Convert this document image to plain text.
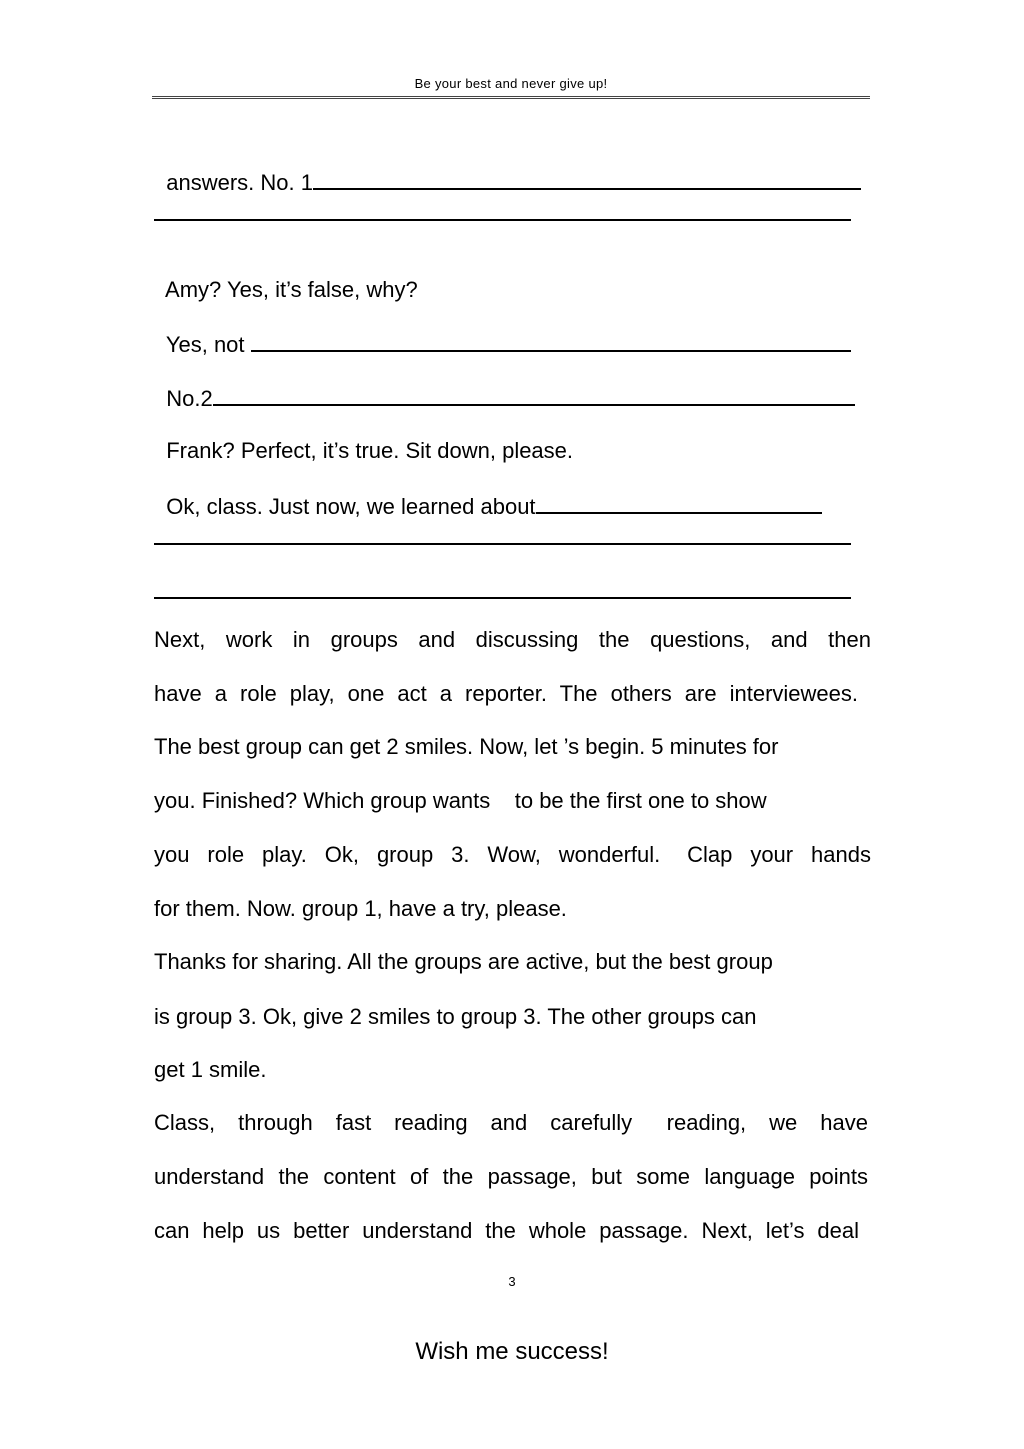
Be your best and never give up!

answers. No. 1

Amy? Yes, it’s false, why?

Yes, not

No.2

Frank? Perfect, it’s true. Sit down, please.

Ok, class. Just now, we learned about

Next,  work  in  groups  and  discussing  the  questions,  and  then
have a role play, one act a reporter. The others are interviewees.
The best group can get 2 smiles. Now, let ’s begin. 5 minutes for
you. Finished? Which group wants    to be the first one to show
you  role  play.  Ok,  group  3.  Wow,  wonderful.   Clap  your  hands
for them. Now. group 1, have a try, please.
Thanks for sharing. All the groups are active, but the best group
is group 3. Ok, give 2 smiles to group 3. The other groups can
get 1 smile.
Class,  through  fast  reading  and  carefully   reading,  we  have
understand the content of the passage, but some language points
can help us better understand the whole passage. Next, let’s deal
3
Wish me success!
